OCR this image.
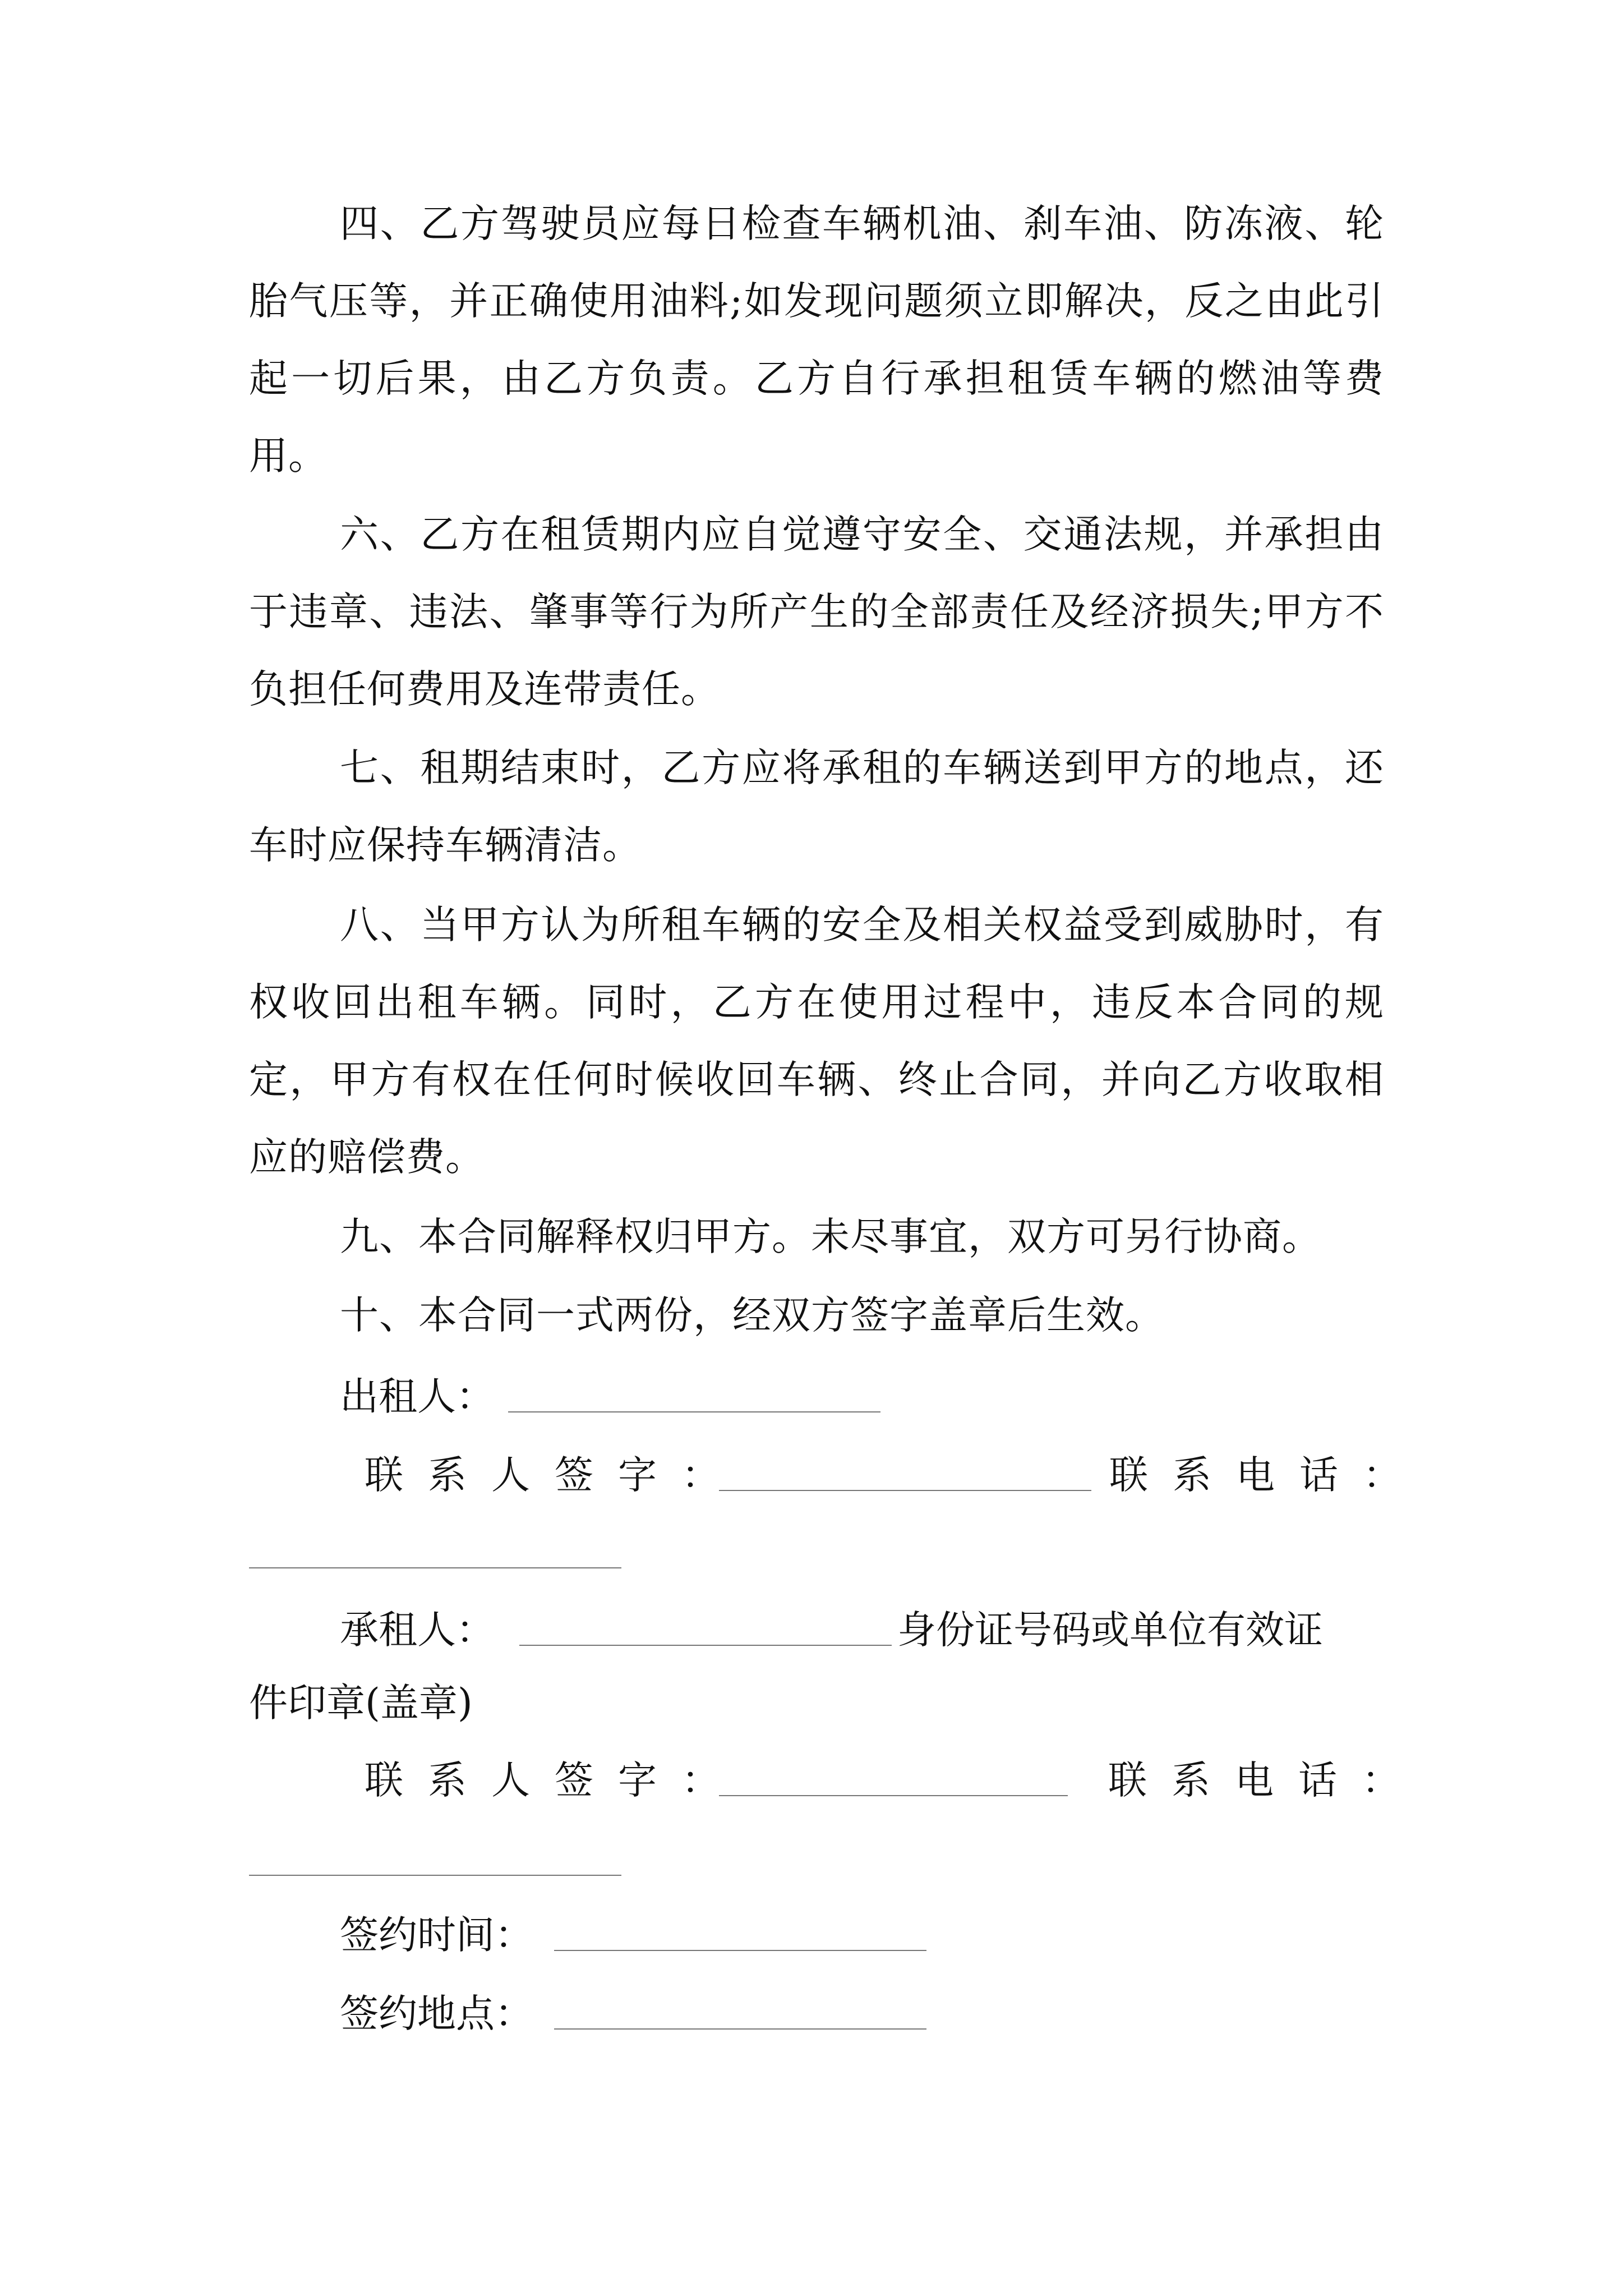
四、乙方驾驶员应每日检查车辆机油、刹车油、防冻液、轮胎气压等，并正确使用油料;如发现问题须立即解决，反之由此引起一切后果，由乙方负责。乙方自行承担租赁车辆的燃油等费用。

六、乙方在租赁期内应自觉遵守安全、交通法规，并承担由于违章、违法、肇事等行为所产生的全部责任及经济损失;甲方不负担任何费用及连带责任。

七、租期结束时，乙方应将承租的车辆送到甲方的地点，还车时应保持车辆清洁。

八、当甲方认为所租车辆的安全及相关权益受到威胁时，有权收回出租车辆。同时，乙方在使用过程中，违反本合同的规定，甲方有权在任何时候收回车辆、终止合同，并向乙方收取相应的赔偿费。

九、本合同解释权归甲方。未尽事宜，双方可另行协商。

十、本合同一式两份，经双方签字盖章后生效。

出租人：
联系人签字：	联系电话：
承租人：	身份证号码或单位有效证
件印章(盖章)
联系人签字：	联系电话：
签约时间：
签约地点：
